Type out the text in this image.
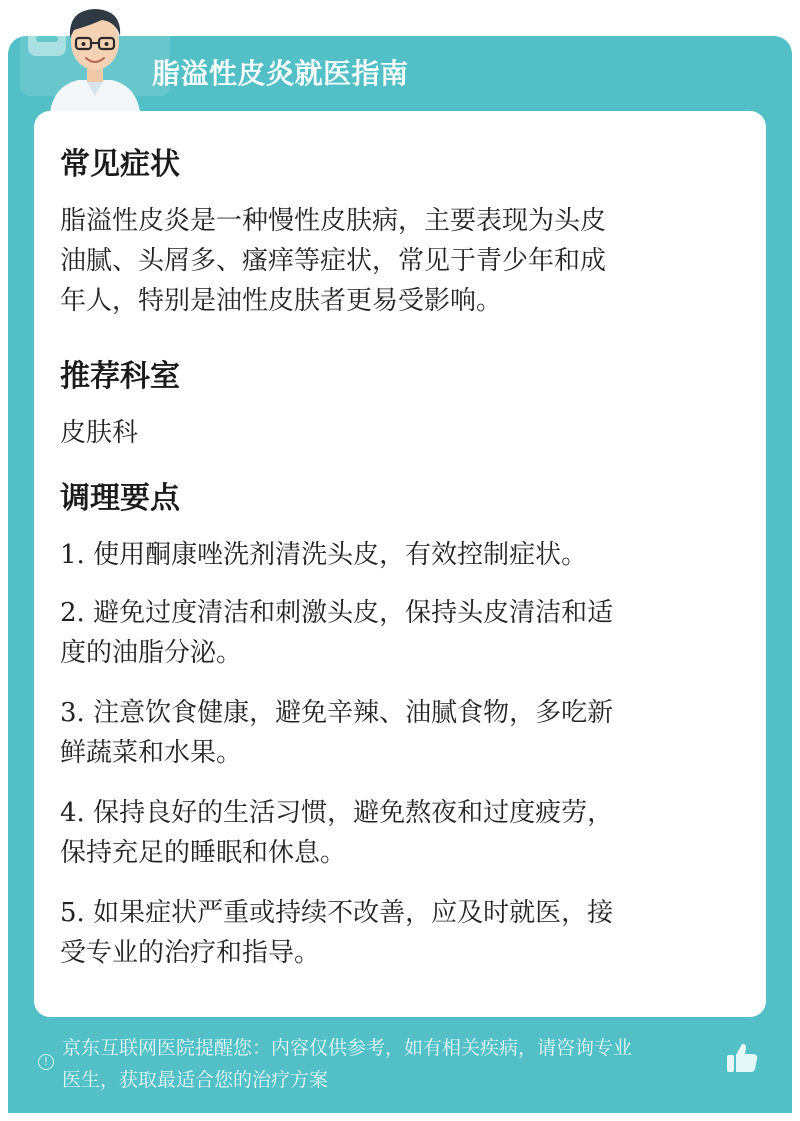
脂溢性皮炎就医指南
常见症状
脂溢性皮炎是一种慢性皮肤病，主要表现为头皮
油腻、头屑多、瘙痒等症状，常见于青少年和成
年人，特别是油性皮肤者更易受影响。
推荐科室
皮肤科
调理要点
1. 使用酮康唑洗剂清洗头皮，有效控制症状。
2. 避免过度清洁和刺激头皮，保持头皮清洁和适
度的油脂分泌。
3. 注意饮食健康，避免辛辣、油腻食物，多吃新
鲜蔬菜和水果。
4. 保持良好的生活习惯，避免熬夜和过度疲劳，
保持充足的睡眠和休息。
5. 如果症状严重或持续不改善，应及时就医，接
受专业的治疗和指导。
!
京东互联网医院提醒您：内容仅供参考，如有相关疾病，请咨询专业
医生，获取最适合您的治疗方案
